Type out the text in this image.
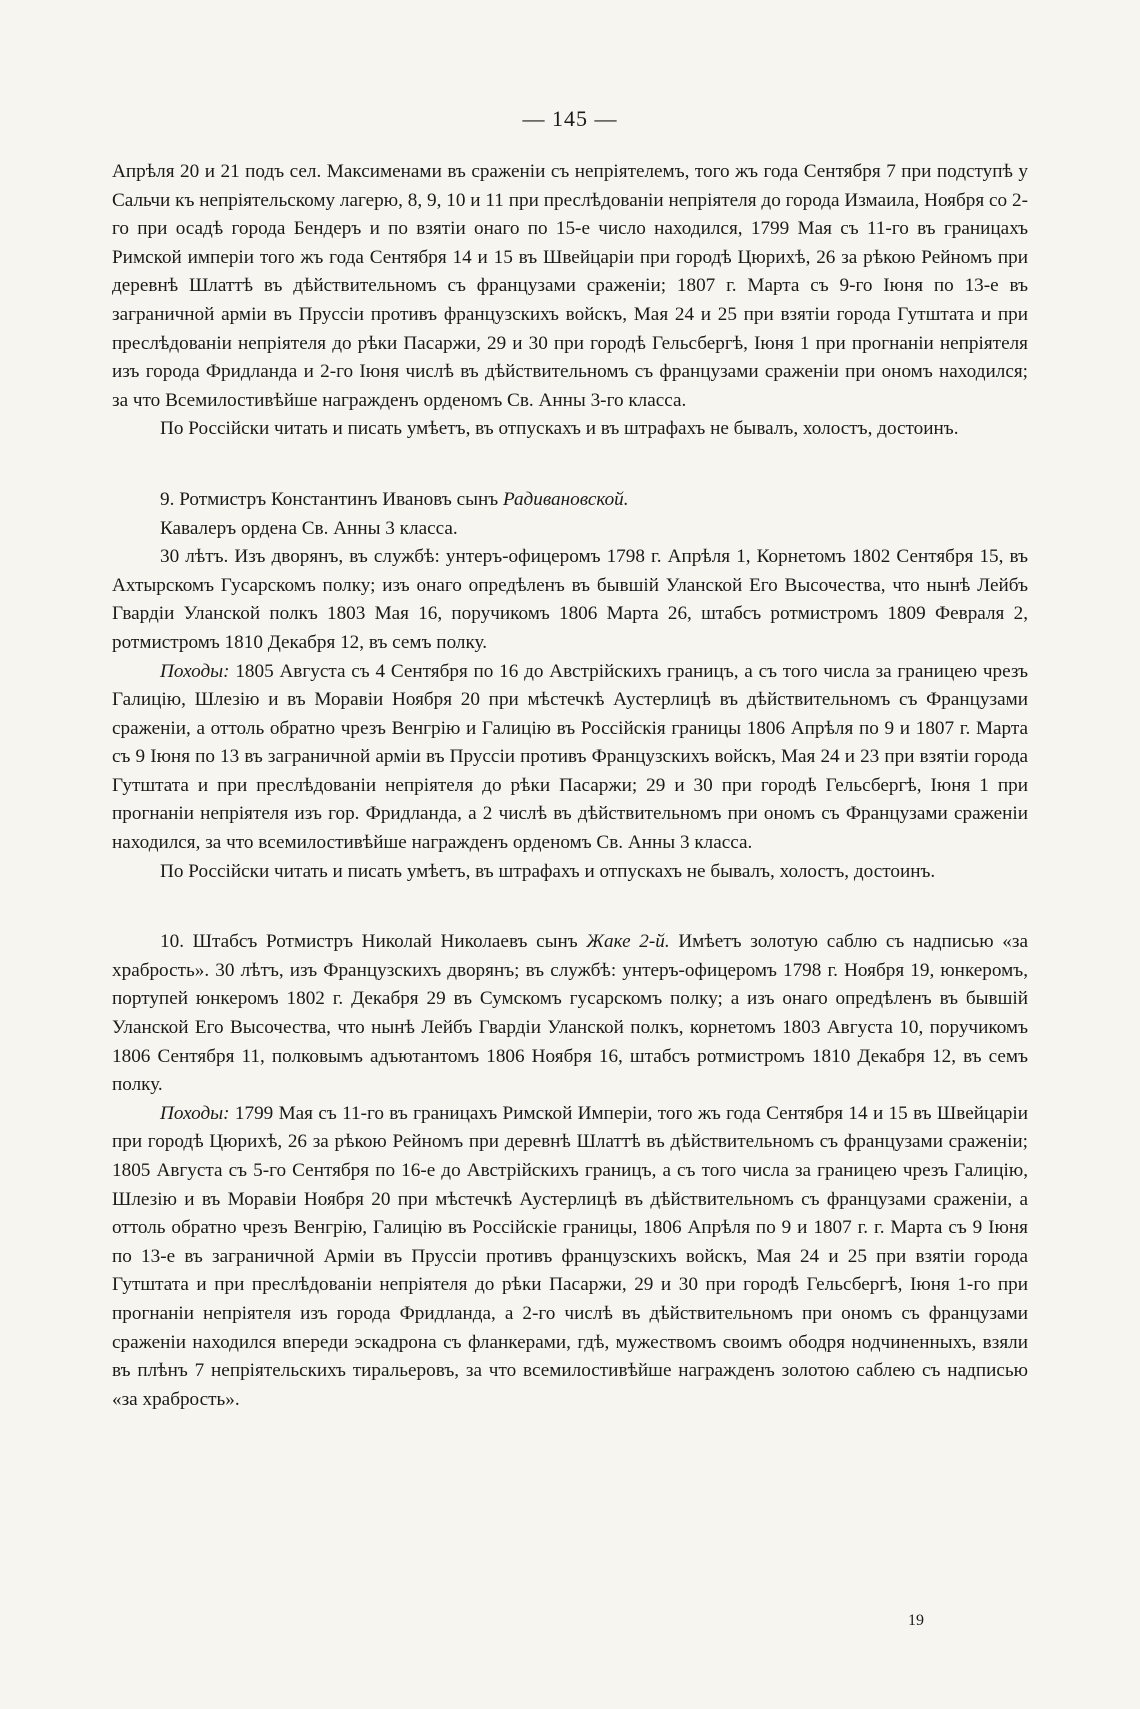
— 145 —

Апрѣля 20 и 21 подъ сел. Максименами въ сраженіи съ непріятелемъ, того жъ года Сентября 7 при подступѣ у Сальчи къ непріятельскому лагерю, 8, 9, 10 и 11 при преслѣдованіи непріятеля до города Измаила, Ноября со 2-го при осадѣ города Бендеръ и по взятіи онаго по 15-е число находился, 1799 Мая съ 11-го въ границахъ Римской имперіи того жъ года Сентября 14 и 15 въ Швейцаріи при городѣ Цюрихѣ, 26 за рѣкою Рейномъ при деревнѣ Шлаттѣ въ дѣйствительномъ съ французами сраженіи; 1807 г. Марта съ 9-го Іюня по 13-е въ заграничной арміи въ Пруссіи противъ французскихъ войскъ, Мая 24 и 25 при взятіи города Гутштата и при преслѣдованіи непріятеля до рѣки Пасаржи, 29 и 30 при городѣ Гельсбергѣ, Іюня 1 при прогнаніи непріятеля изъ города Фридланда и 2-го Іюня числѣ въ дѣйствительномъ съ французами сраженіи при ономъ находился; за что Всемилостивѣйше награжденъ орденомъ Св. Анны 3-го класса.

По Россійски читать и писать умѣетъ, въ отпускахъ и въ штрафахъ не бывалъ, холостъ, достоинъ.

9. Ротмистръ Константинъ Ивановъ сынъ Радивановской.

Кавалеръ ордена Св. Анны 3 класса.

30 лѣтъ. Изъ дворянъ, въ службѣ: унтеръ-офицеромъ 1798 г. Апрѣля 1, Корнетомъ 1802 Сентября 15, въ Ахтырскомъ Гусарскомъ полку; изъ онаго опредѣленъ въ бывшій Уланской Его Высочества, что нынѣ Лейбъ Гвардіи Уланской полкъ 1803 Мая 16, поручикомъ 1806 Марта 26, штабсъ ротмистромъ 1809 Февраля 2, ротмистромъ 1810 Декабря 12, въ семъ полку.

Походы: 1805 Августа съ 4 Сентября по 16 до Австрійскихъ границъ, а съ того числа за границею чрезъ Галицію, Шлезію и въ Моравіи Ноября 20 при мѣстечкѣ Аустерлицѣ въ дѣйствительномъ съ Французами сраженіи, а оттоль обратно чрезъ Венгрію и Галицію въ Россійскія границы 1806 Апрѣля по 9 и 1807 г. Марта съ 9 Іюня по 13 въ заграничной арміи въ Пруссіи противъ Французскихъ войскъ, Мая 24 и 23 при взятіи города Гутштата и при преслѣдованіи непріятеля до рѣки Пасаржи; 29 и 30 при городѣ Гельсбергѣ, Іюня 1 при прогнаніи непріятеля изъ гор. Фридланда, а 2 числѣ въ дѣйствительномъ при ономъ съ Французами сраженіи находился, за что всемилостивѣйше награжденъ орденомъ Св. Анны 3 класса.

По Россійски читать и писать умѣетъ, въ штрафахъ и отпускахъ не бывалъ, холостъ, достоинъ.

10. Штабсъ Ротмистръ Николай Николаевъ сынъ Жаке 2-й. Имѣетъ золотую саблю съ надписью «за храбрость». 30 лѣтъ, изъ Французскихъ дворянъ; въ службѣ: унтеръ-офицеромъ 1798 г. Ноября 19, юнкеромъ, портупей юнкеромъ 1802 г. Декабря 29 въ Сумскомъ гусарскомъ полку; а изъ онаго опредѣленъ въ бывшій Уланской Его Высочества, что нынѣ Лейбъ Гвардіи Уланской полкъ, корнетомъ 1803 Августа 10, поручикомъ 1806 Сентября 11, полковымъ адъютантомъ 1806 Ноября 16, штабсъ ротмистромъ 1810 Декабря 12, въ семъ полку.

Походы: 1799 Мая съ 11-го въ границахъ Римской Имперіи, того жъ года Сентября 14 и 15 въ Швейцаріи при городѣ Цюрихѣ, 26 за рѣкою Рейномъ при деревнѣ Шлаттѣ въ дѣйствительномъ съ французами сраженіи; 1805 Августа съ 5-го Сентября по 16-е до Австрійскихъ границъ, а съ того числа за границею чрезъ Галицію, Шлезію и въ Моравіи Ноября 20 при мѣстечкѣ Аустерлицѣ въ дѣйствительномъ съ французами сраженіи, а оттоль обратно чрезъ Венгрію, Галицію въ Россійскіе границы, 1806 Апрѣля по 9 и 1807 г. г. Марта съ 9 Іюня по 13-е въ заграничной Арміи въ Пруссіи противъ французскихъ войскъ, Мая 24 и 25 при взятіи города Гутштата и при преслѣдованіи непріятеля до рѣки Пасаржи, 29 и 30 при городѣ Гельсбергѣ, Іюня 1-го при прогнаніи непріятеля изъ города Фридланда, а 2-го числѣ въ дѣйствительномъ при ономъ съ французами сраженіи находился впереди эскадрона съ фланкерами, гдѣ, мужествомъ своимъ ободря нодчиненныхъ, взяли въ плѣнъ 7 непріятельскихъ тиральеровъ, за что всемилостивѣйше награжденъ золотою саблею съ надписью «за храбрость».

19
